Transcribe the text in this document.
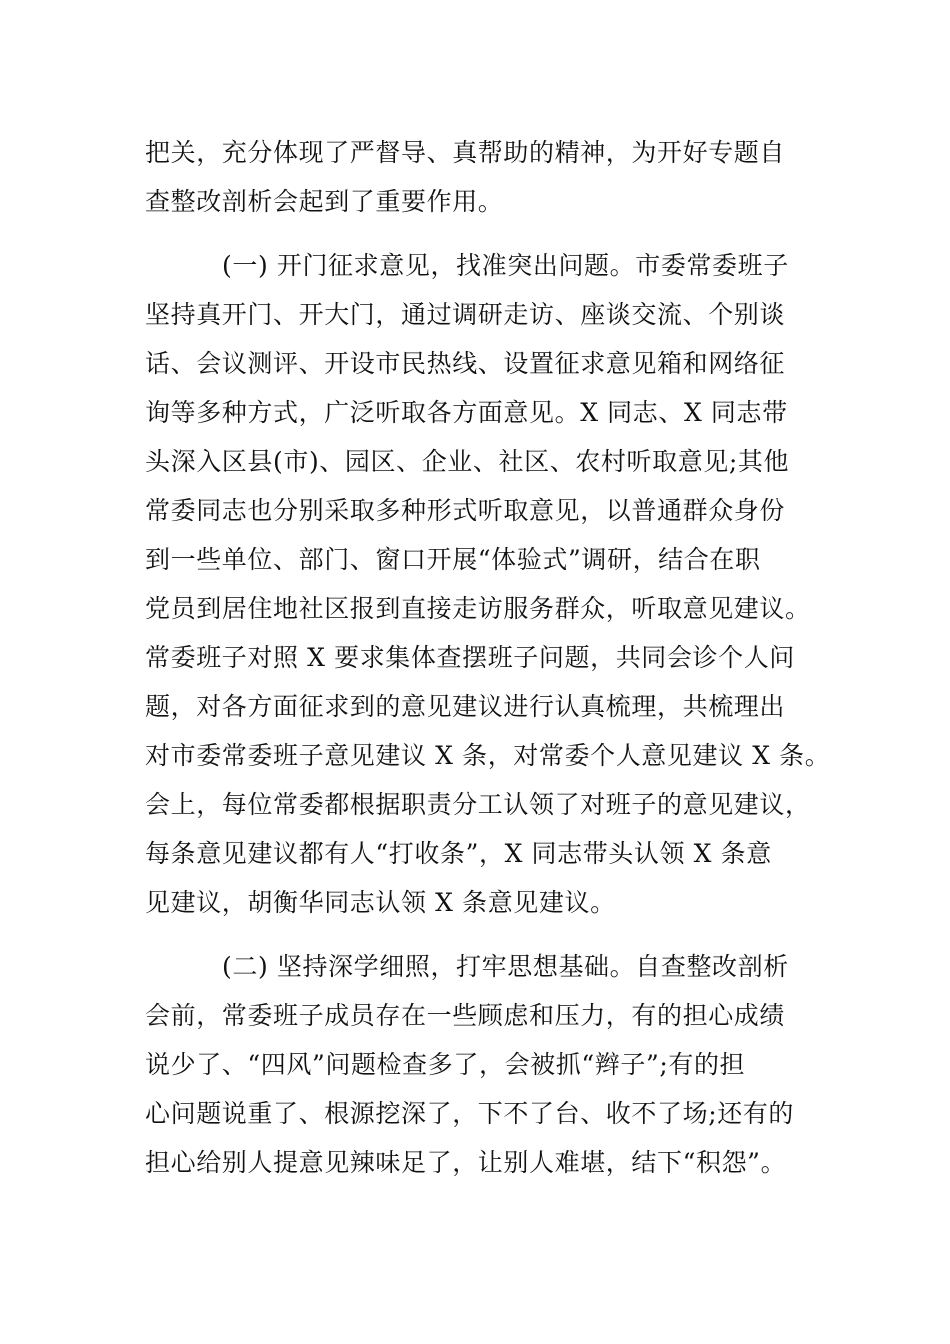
把关，充分体现了严督导、真帮助的精神，为开好专题自
查整改剖析会起到了重要作用。
(一) 开门征求意见，找准突出问题。市委常委班子
坚持真开门、开大门，通过调研走访、座谈交流、个别谈
话、会议测评、开设市民热线、设置征求意见箱和网络征
询等多种方式，广泛听取各方面意见。X 同志、X 同志带
头深入区县(市)、园区、企业、社区、农村听取意见;其他
常委同志也分别采取多种形式听取意见，以普通群众身份
到一些单位、部门、窗口开展“体验式”调研，结合在职
党员到居住地社区报到直接走访服务群众，听取意见建议。
常委班子对照 X 要求集体查摆班子问题，共同会诊个人问
题，对各方面征求到的意见建议进行认真梳理，共梳理出
对市委常委班子意见建议 X 条，对常委个人意见建议 X 条。
会上，每位常委都根据职责分工认领了对班子的意见建议，
每条意见建议都有人“打收条”，X 同志带头认领 X 条意
见建议，胡衡华同志认领 X 条意见建议。
(二) 坚持深学细照，打牢思想基础。自查整改剖析
会前，常委班子成员存在一些顾虑和压力，有的担心成绩
说少了、“四风”问题检查多了，会被抓“辫子”;有的担
心问题说重了、根源挖深了，下不了台、收不了场;还有的
担心给别人提意见辣味足了，让别人难堪，结下“积怨”。
